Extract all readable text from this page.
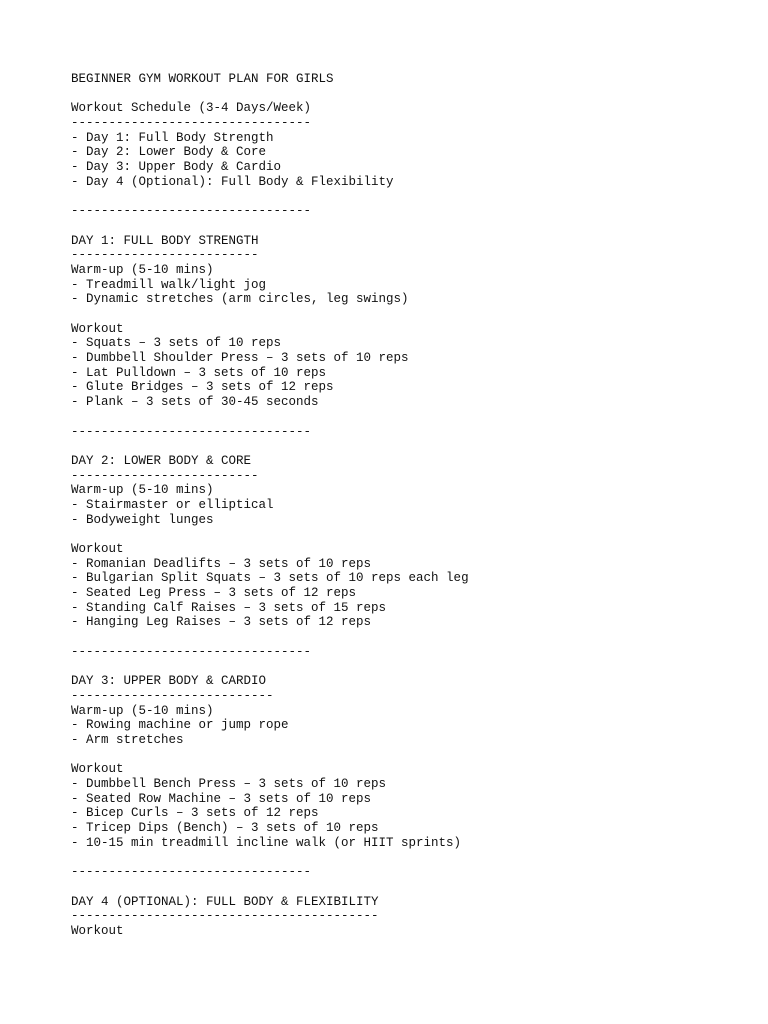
BEGINNER GYM WORKOUT PLAN FOR GIRLS
Workout Schedule (3-4 Days/Week)
--------------------------------
- Day 1: Full Body Strength
- Day 2: Lower Body & Core
- Day 3: Upper Body & Cardio
- Day 4 (Optional): Full Body & Flexibility
--------------------------------
DAY 1: FULL BODY STRENGTH
-------------------------
Warm-up (5-10 mins)
- Treadmill walk/light jog
- Dynamic stretches (arm circles, leg swings)
Workout
- Squats – 3 sets of 10 reps
- Dumbbell Shoulder Press – 3 sets of 10 reps
- Lat Pulldown – 3 sets of 10 reps
- Glute Bridges – 3 sets of 12 reps
- Plank – 3 sets of 30-45 seconds
--------------------------------
DAY 2: LOWER BODY & CORE
-------------------------
Warm-up (5-10 mins)
- Stairmaster or elliptical
- Bodyweight lunges
Workout
- Romanian Deadlifts – 3 sets of 10 reps
- Bulgarian Split Squats – 3 sets of 10 reps each leg
- Seated Leg Press – 3 sets of 12 reps
- Standing Calf Raises – 3 sets of 15 reps
- Hanging Leg Raises – 3 sets of 12 reps
--------------------------------
DAY 3: UPPER BODY & CARDIO
---------------------------
Warm-up (5-10 mins)
- Rowing machine or jump rope
- Arm stretches
Workout
- Dumbbell Bench Press – 3 sets of 10 reps
- Seated Row Machine – 3 sets of 10 reps
- Bicep Curls – 3 sets of 12 reps
- Tricep Dips (Bench) – 3 sets of 10 reps
- 10-15 min treadmill incline walk (or HIIT sprints)
--------------------------------
DAY 4 (OPTIONAL): FULL BODY & FLEXIBILITY
-----------------------------------------
Workout
